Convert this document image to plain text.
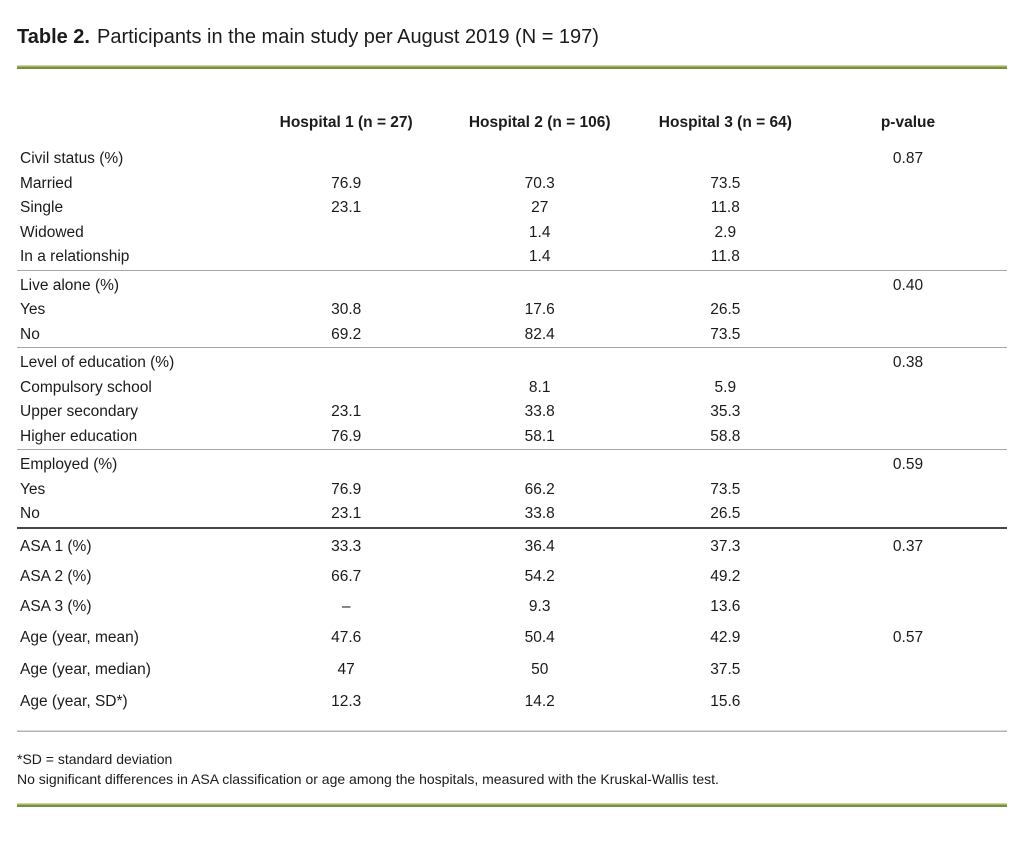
Table 2. Participants in the main study per August 2019 (N = 197)
	Hospital 1 (n = 27)	Hospital 2 (n = 106)	Hospital 3 (n = 64)	p-value
Civil status (%)				0.87
Married	76.9	70.3	73.5	
Single	23.1	27	11.8	
Widowed		1.4	2.9	
In a relationship		1.4	11.8	
Live alone (%)				0.40
Yes	30.8	17.6	26.5	
No	69.2	82.4	73.5	
Level of education (%)				0.38
Compulsory school		8.1	5.9	
Upper secondary	23.1	33.8	35.3	
Higher education	76.9	58.1	58.8	
Employed (%)				0.59
Yes	76.9	66.2	73.5	
No	23.1	33.8	26.5	
ASA 1 (%)	33.3	36.4	37.3	0.37
ASA 2 (%)	66.7	54.2	49.2	
ASA 3 (%)	–	9.3	13.6	
Age (year, mean)	47.6	50.4	42.9	0.57
Age (year, median)	47	50	37.5	
Age (year, SD*)	12.3	14.2	15.6	

*SD = standard deviation

No significant differences in ASA classification or age among the hospitals, measured with the Kruskal-Wallis test.
